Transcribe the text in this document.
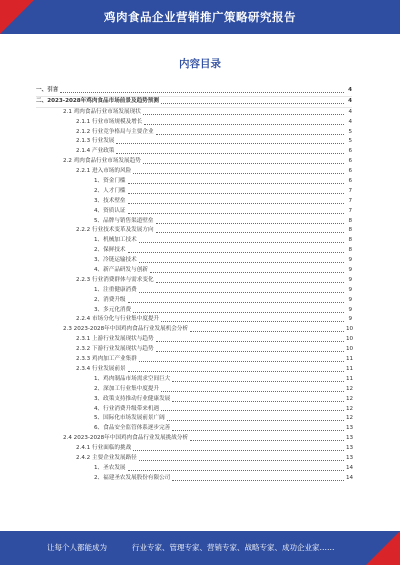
鸡肉食品企业营销推广策略研究报告
内容目录
一、引言	4
二、2023-2028年鸡肉食品市场前景及趋势预测	4
2.1 鸡肉食品行业市场发展现状	4
2.1.1 行业市场规模及增长	4
2.1.2 行业竞争格局与主要企业	5
2.1.3 行业发展	5
2.1.4 产业政策	6
2.2 鸡肉食品行业市场发展趋势	6
2.2.1 进入市场的风险	6
1、资金门槛	6
2、人才门槛	7
3、技术壁垒	7
4、资质认证	7
5、品牌与销售渠道壁垒	8
2.2.2 行业技术变革及发展方向	8
1、机械加工技术	8
2、保鲜技术	8
3、冷链运输技术	9
4、新产品研发与创新	9
2.2.3 行业消费群体与需求变化	9
1、注重健康消费	9
2、消费升级	9
3、多元化消费	9
2.2.4 市场分化与行业集中度提升	9
2.3 2023-2028年中国鸡肉食品行业发展机会分析	10
2.3.1 上游行业发展现状与趋势	10
2.3.2 下游行业发展现状与趋势	10
2.3.3 鸡肉加工产业集群	11
2.3.4 行业发展前景	11
1、鸡肉制品市场需求空间巨大	11
2、深加工行业集中度提升	12
3、政策支持推动行业健康发展	12
4、行业消费升级带来机遇	12
5、国际化市场发展前景广阔	12
6、食品安全监管体系逐步完善	13
2.4 2023-2028年中国鸡肉食品行业发展挑战分析	13
2.4.1 行业面临的挑战	13
2.4.2 主要企业发展路径	13
1、圣农发展	14
2、福建圣农发展股份有限公司	14
让每个人都能成为	行业专家、管理专家、营销专家、战略专家、成功企业家……
